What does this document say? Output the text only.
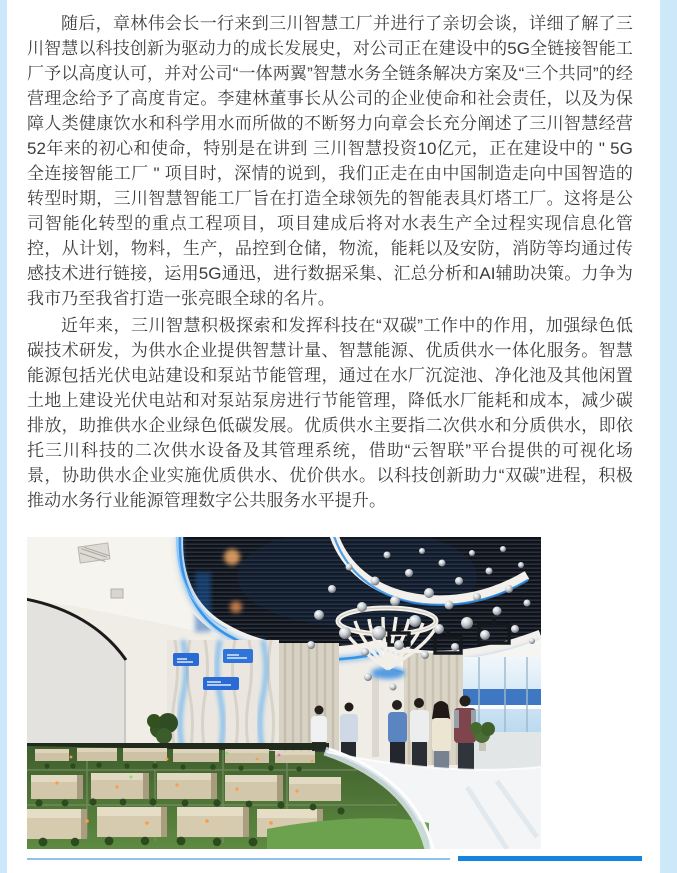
随后，章林伟会长一行来到三川智慧工厂并进行了亲切会谈，详细了解了三川智慧以科技创新为驱动力的成长发展史，对公司正在建设中的5G全链接智能工厂予以高度认可，并对公司“一体两翼”智慧水务全链条解决方案及“三个共同”的经营理念给予了高度肯定。李建林董事长从公司的企业使命和社会责任，以及为保障人类健康饮水和科学用水而所做的不断努力向章会长充分阐述了三川智慧经营52年来的初心和使命，特别是在讲到 三川智慧投资10亿元，正在建设中的 " 5G全连接智能工厂 " 项目时，深情的说到，我们正走在由中国制造走向中国智造的转型时期，三川智慧智能工厂旨在打造全球领先的智能表具灯塔工厂。这将是公司智能化转型的重点工程项目，项目建成后将对水表生产全过程实现信息化管控，从计划，物料，生产，品控到仓储，物流，能耗以及安防，消防等均通过传感技术进行链接，运用5G通迅，进行数据采集、汇总分析和AI辅助决策。力争为我市乃至我省打造一张亮眼全球的名片。

近年来，三川智慧积极探索和发挥科技在“双碳”工作中的作用，加强绿色低碳技术研发，为供水企业提供智慧计量、智慧能源、优质供水一体化服务。智慧能源包括光伏电站建设和泵站节能管理，通过在水厂沉淀池、净化池及其他闲置土地上建设光伏电站和对泵站泵房进行节能管理，降低水厂能耗和成本，减少碳排放，助推供水企业绿色低碳发展。优质供水主要指二次供水和分质供水，即依托三川科技的二次供水设备及其管理系统，借助“云智联”平台提供的可视化场景，协助供水企业实施优质供水、优价供水。以科技创新助力“双碳”进程，积极推动水务行业能源管理数字公共服务水平提升。
